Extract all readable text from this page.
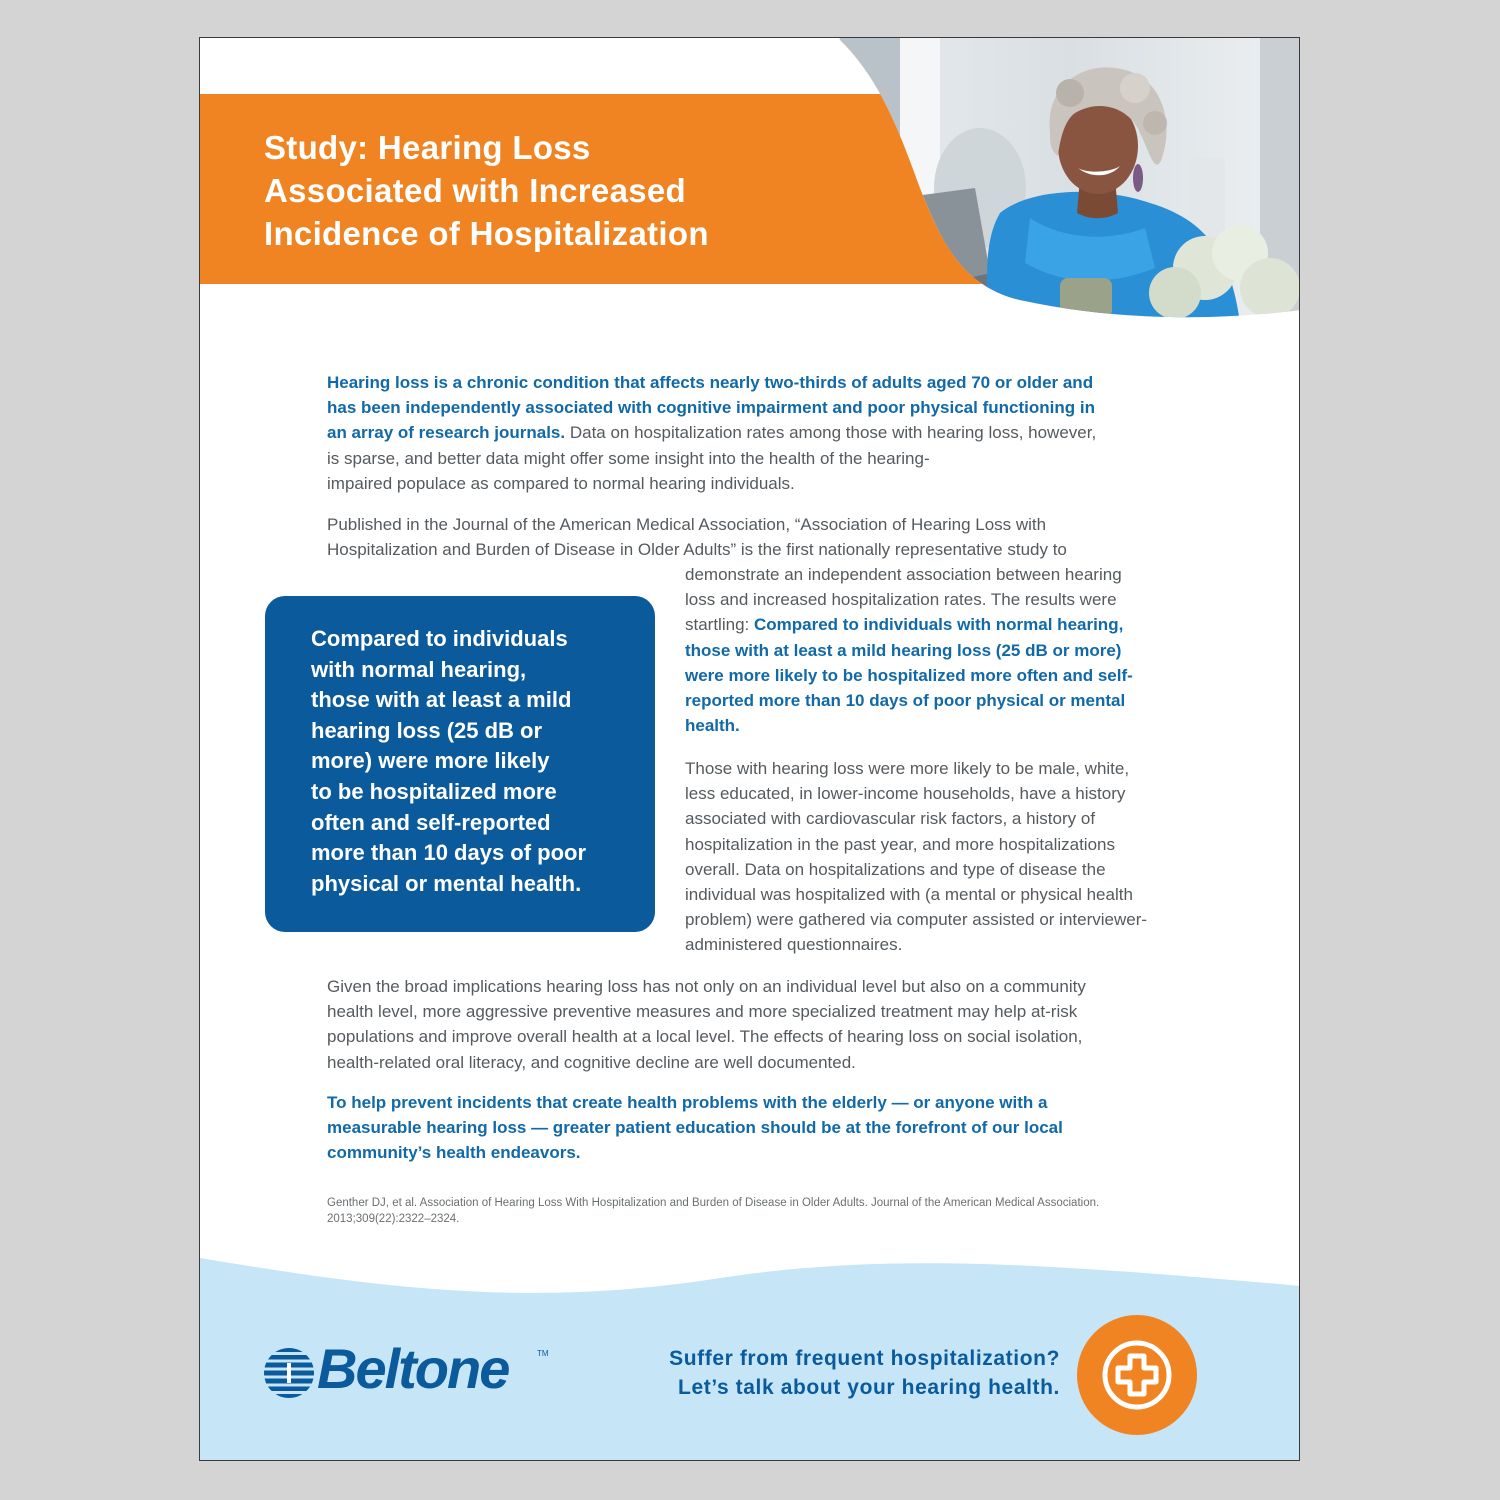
Study: Hearing Loss
Associated with Increased
Incidence of Hospitalization

Hearing loss is a chronic condition that affects nearly two-thirds of adults aged 70 or older and
has been independently associated with cognitive impairment and poor physical functioning in
an array of research journals. Data on hospitalization rates among those with hearing loss, however,
is sparse, and better data might offer some insight into the health of the hearing-
impaired populace as compared to normal hearing individuals.

Published in the Journal of the American Medical Association, “Association of Hearing Loss with
Hospitalization and Burden of Disease in Older Adults” is the first nationally representative study to

demonstrate an independent association between hearing
loss and increased hospitalization rates. The results were
startling: Compared to individuals with normal hearing,
those with at least a mild hearing loss (25 dB or more)
were more likely to be hospitalized more often and self-
reported more than 10 days of poor physical or mental
health.

Compared to individuals
with normal hearing,
those with at least a mild
hearing loss (25 dB or
more) were more likely
to be hospitalized more
often and self-reported
more than 10 days of poor
physical or mental health.

Those with hearing loss were more likely to be male, white,
less educated, in lower-income households, have a history
associated with cardiovascular risk factors, a history of
hospitalization in the past year, and more hospitalizations
overall. Data on hospitalizations and type of disease the
individual was hospitalized with (a mental or physical health
problem) were gathered via computer assisted or interviewer-
administered questionnaires.

Given the broad implications hearing loss has not only on an individual level but also on a community
health level, more aggressive preventive measures and more specialized treatment may help at-risk
populations and improve overall health at a local level. The effects of hearing loss on social isolation,
health-related oral literacy, and cognitive decline are well documented.

To help prevent incidents that create health problems with the elderly — or anyone with a
measurable hearing loss — greater patient education should be at the forefront of our local
community’s health endeavors.

Genther DJ, et al. Association of Hearing Loss With Hospitalization and Burden of Disease in Older Adults. Journal of the American Medical Association.
2013;309(22):2322–2324.

Beltone	TM	Suffer from frequent hospitalization?
Let’s talk about your hearing health.
